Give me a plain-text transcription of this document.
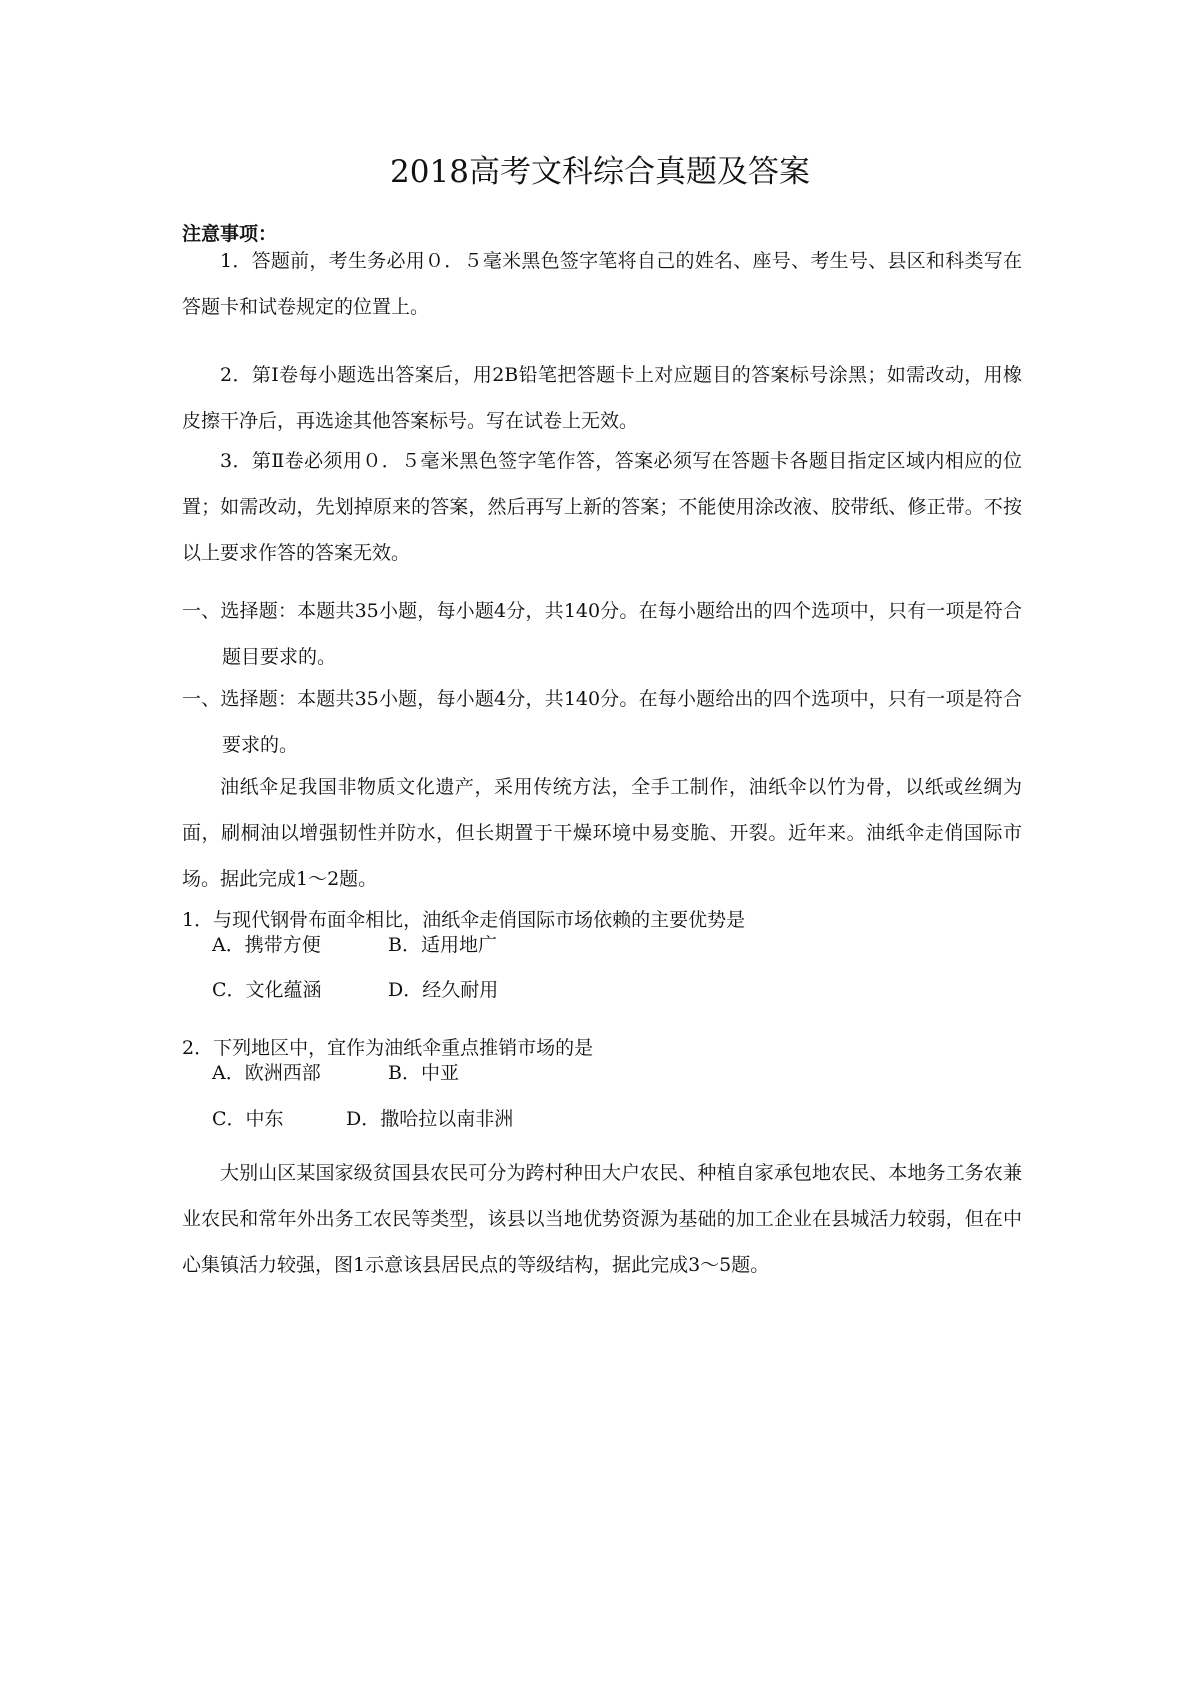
2018高考文科综合真题及答案
注意事项：

1．答题前，考生务必用０．５毫米黑色签字笔将自己的姓名、座号、考生号、县区和科类写在答题卡和试卷规定的位置上。

2．第Ⅰ卷每小题选出答案后，用2B铅笔把答题卡上对应题目的答案标号涂黑；如需改动，用橡皮擦干净后，再选途其他答案标号。写在试卷上无效。

3．第Ⅱ卷必须用０．５毫米黑色签字笔作答，答案必须写在答题卡各题目指定区域内相应的位置；如需改动，先划掉原来的答案，然后再写上新的答案；不能使用涂改液、胶带纸、修正带。不按以上要求作答的答案无效。

一、选择题：本题共35小题，每小题4分，共140分。在每小题给出的四个选项中，只有一项是符合题目要求的。

一、选择题：本题共35小题，每小题4分，共140分。在每小题给出的四个选项中，只有一项是符合要求的。

油纸伞足我国非物质文化遗产，采用传统方法，全手工制作，油纸伞以竹为骨，以纸或丝绸为面，刷桐油以增强韧性并防水，但长期置于干燥环境中易变脆、开裂。近年来。油纸伞走俏国际市场。据此完成1～2题。

1．与现代钢骨布面伞相比，油纸伞走俏国际市场依赖的主要优势是

A．携带方便	B．适用地广
C．文化蕴涵	D．经久耐用

2．下列地区中，宜作为油纸伞重点推销市场的是

A．欧洲西部	B．中亚
C．中东	D．撒哈拉以南非洲

大别山区某国家级贫国县农民可分为跨村种田大户农民、种植自家承包地农民、本地务工务农兼业农民和常年外出务工农民等类型，该县以当地优势资源为基础的加工企业在县城活力较弱，但在中心集镇活力较强，图1示意该县居民点的等级结构，据此完成3～5题。
